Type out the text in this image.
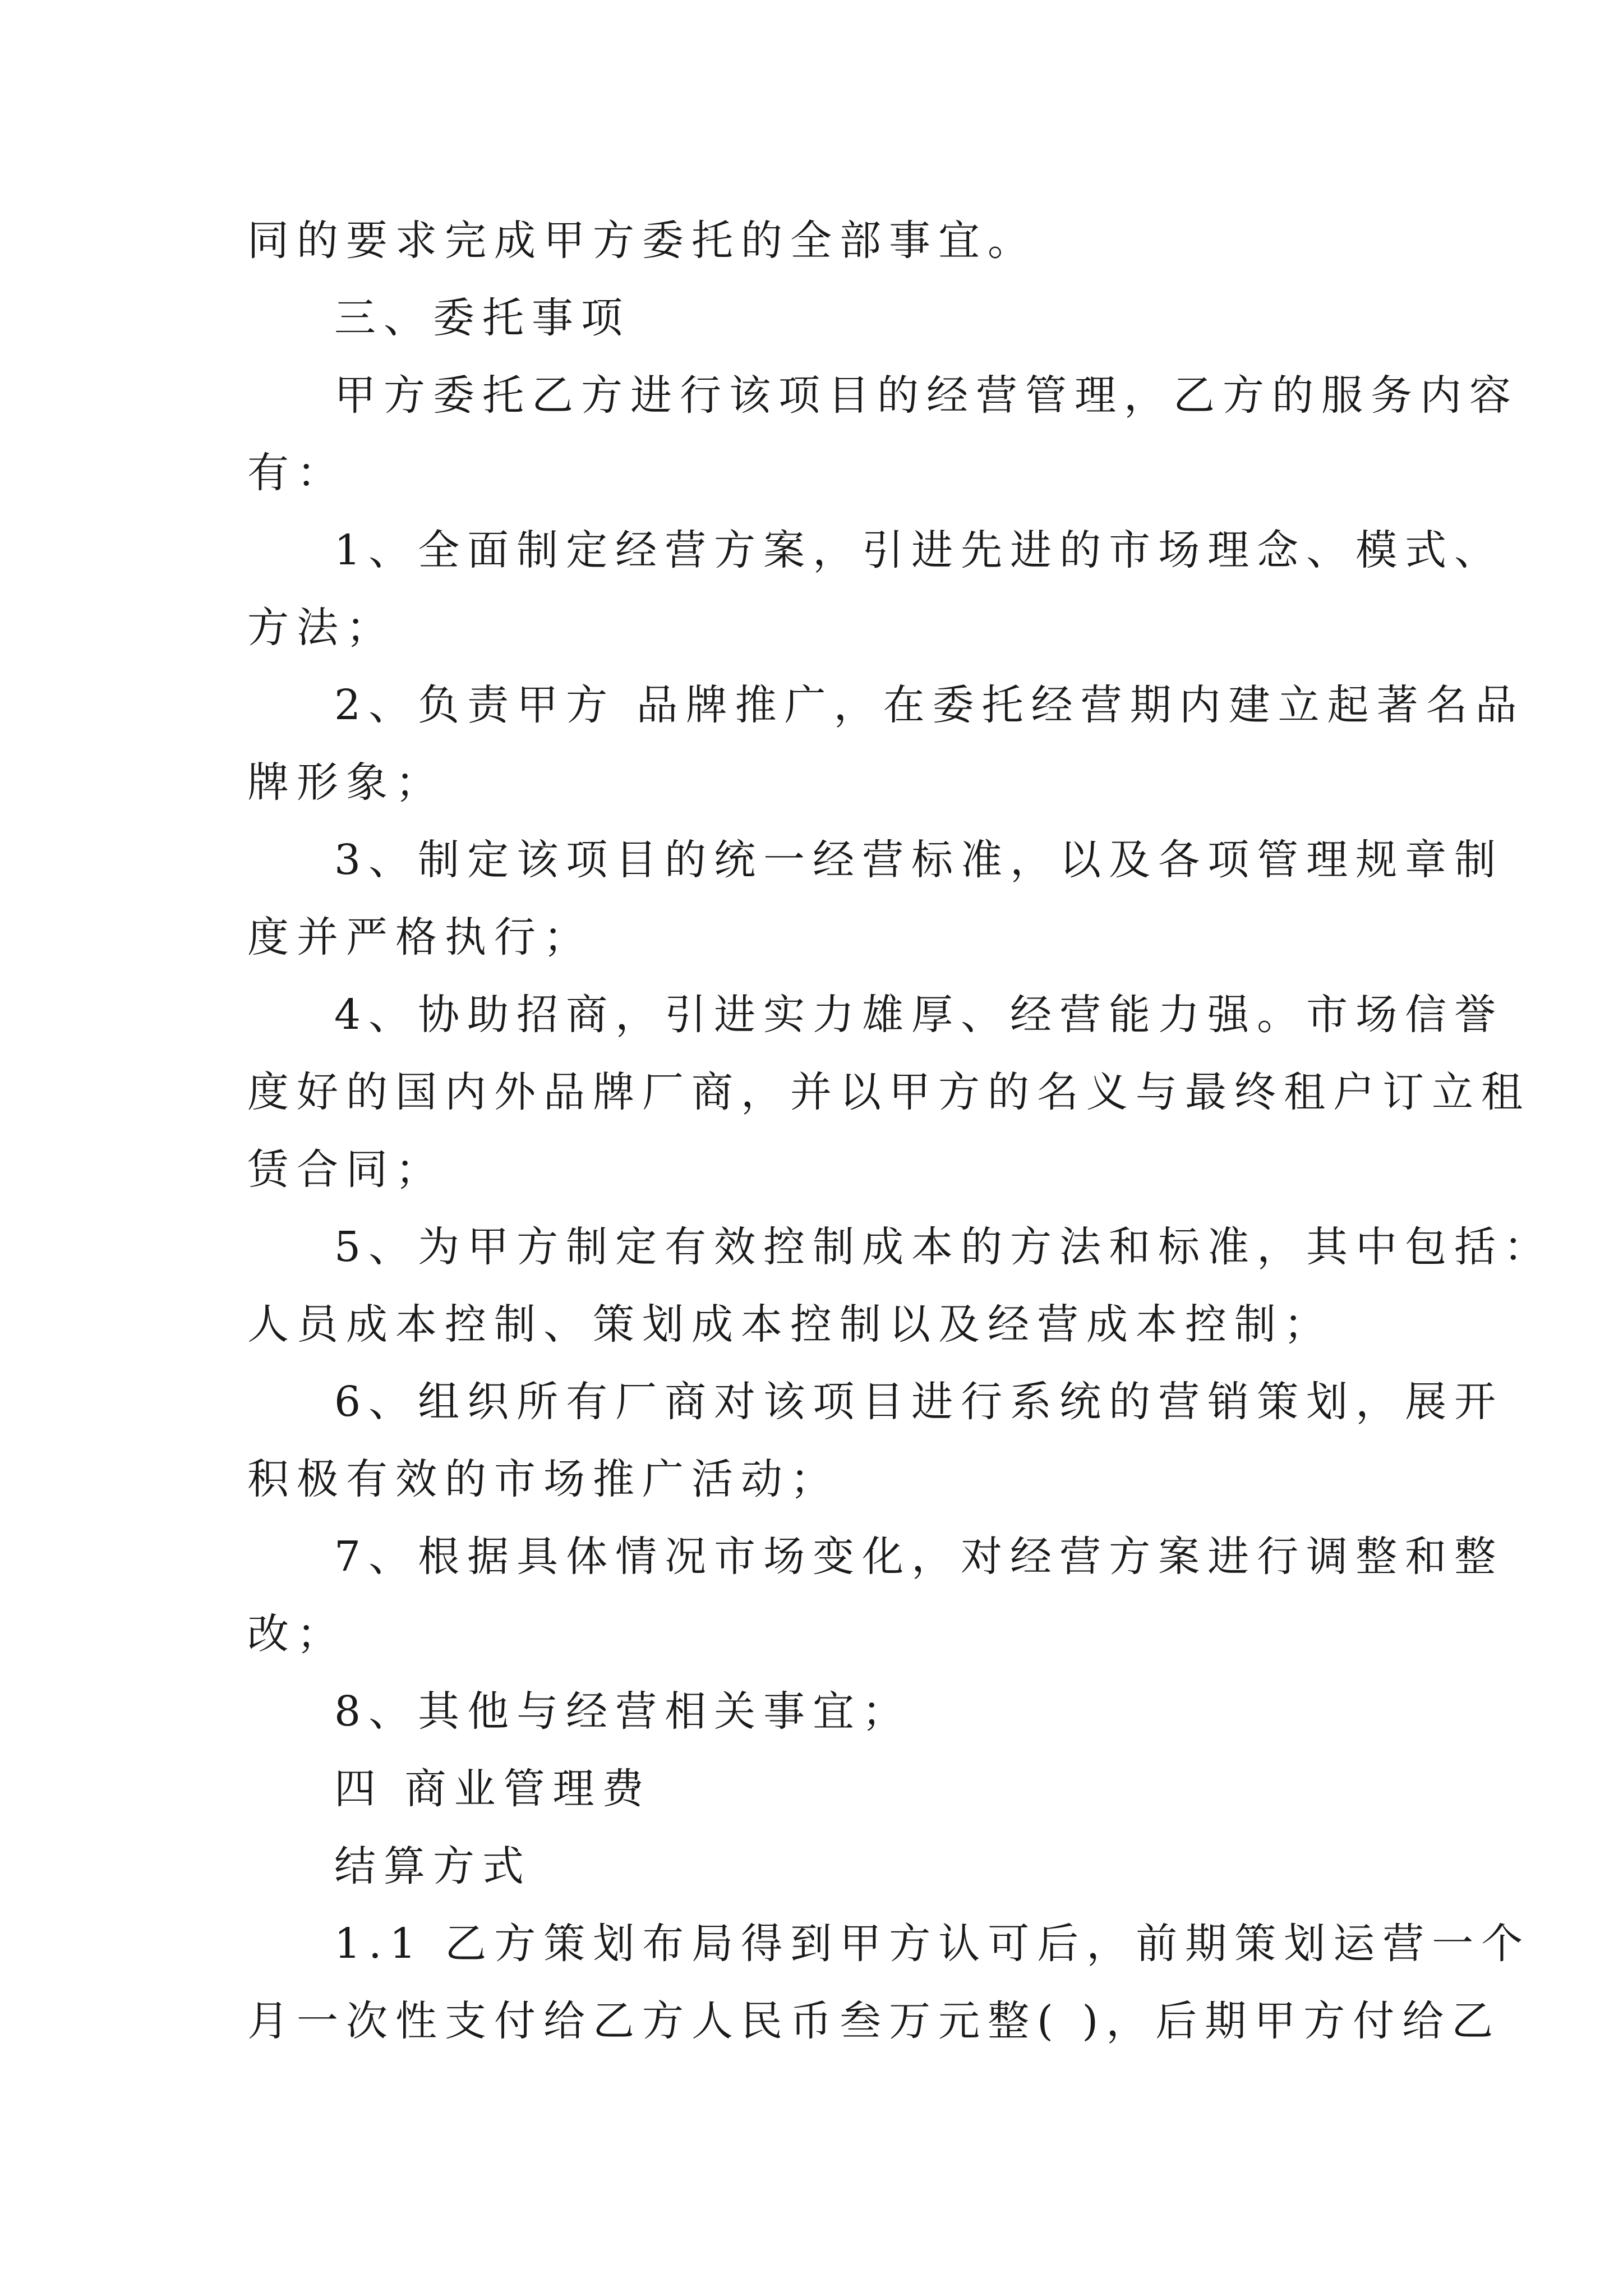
同的要求完成甲方委托的全部事宜。
三、委托事项
甲方委托乙方进行该项目的经营管理，乙方的服务内容
有：
1、全面制定经营方案，引进先进的市场理念、模式、
方法；
2、负责甲方 品牌推广，在委托经营期内建立起著名品
牌形象；
3、制定该项目的统一经营标准，以及各项管理规章制
度并严格执行；
4、协助招商，引进实力雄厚、经营能力强。市场信誉
度好的国内外品牌厂商，并以甲方的名义与最终租户订立租
赁合同；
5、为甲方制定有效控制成本的方法和标准，其中包括：
人员成本控制、策划成本控制以及经营成本控制；
6、组织所有厂商对该项目进行系统的营销策划，展开
积极有效的市场推广活动；
7、根据具体情况市场变化，对经营方案进行调整和整
改；
8、其他与经营相关事宜；
四 商业管理费
结算方式
1.1 乙方策划布局得到甲方认可后，前期策划运营一个
月一次性支付给乙方人民币叁万元整( )，后期甲方付给乙
